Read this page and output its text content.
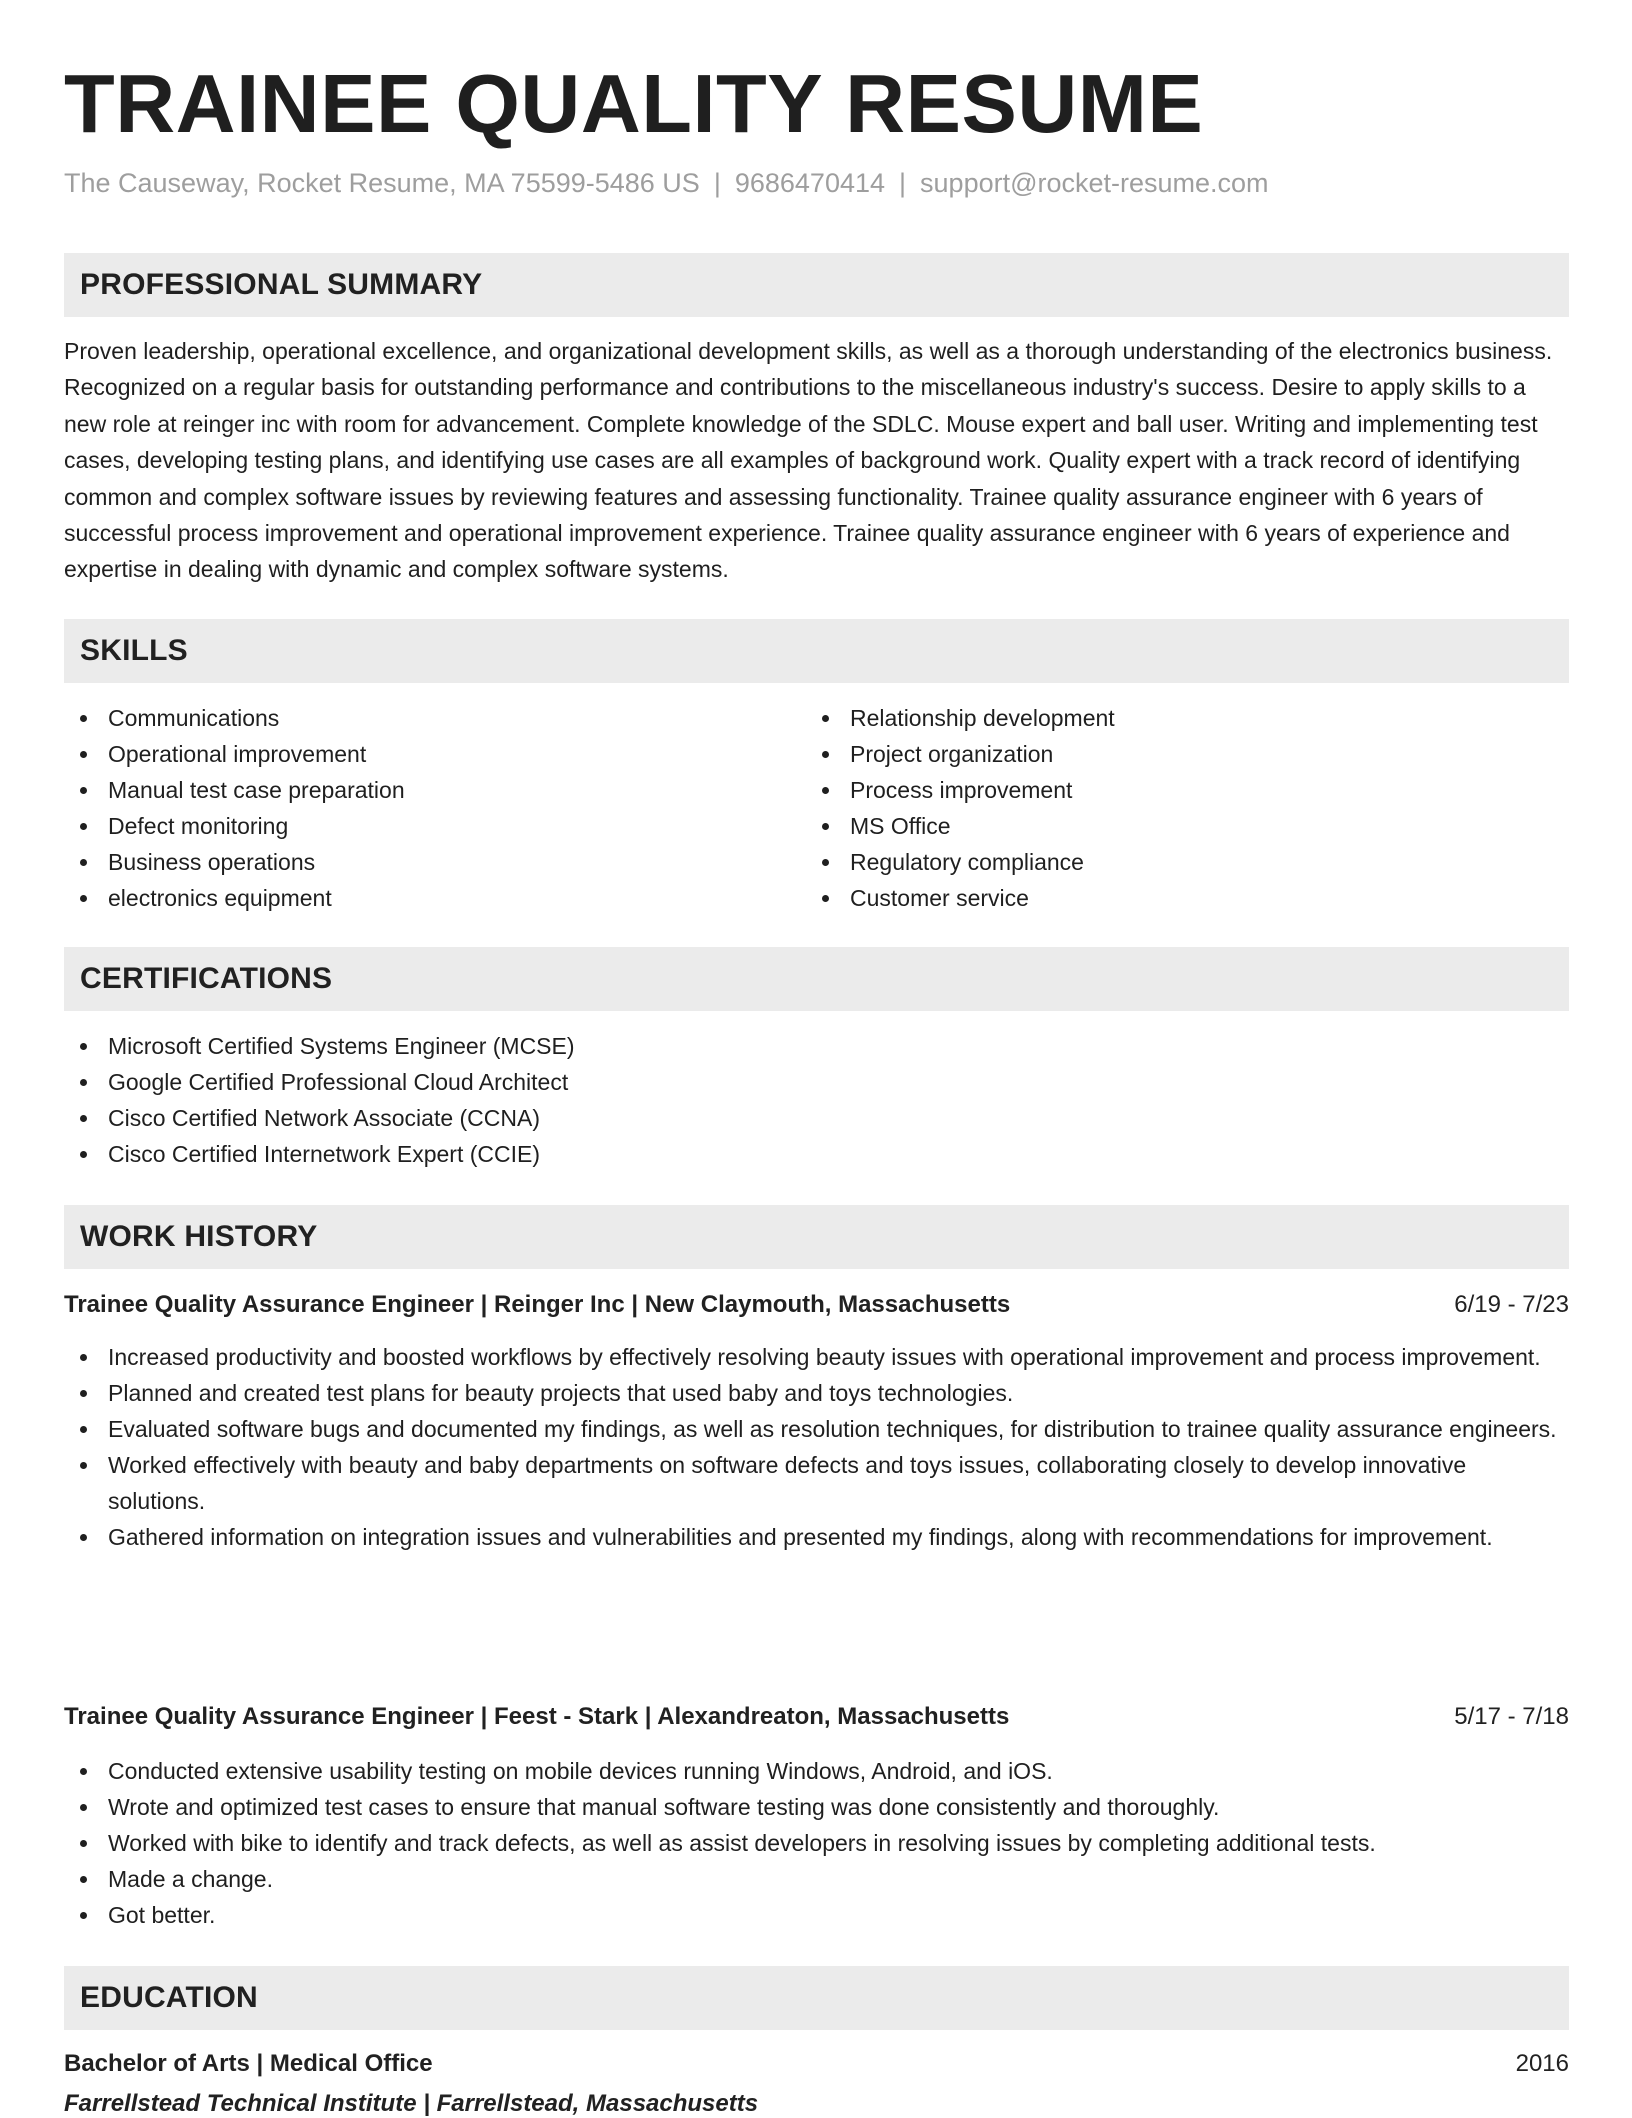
TRAINEE QUALITY RESUME
The Causeway, Rocket Resume, MA 75599-5486 US | 9686470414 | support@rocket-resume.com
PROFESSIONAL SUMMARY
Proven leadership, operational excellence, and organizational development skills, as well as a thorough understanding of the electronics business. Recognized on a regular basis for outstanding performance and contributions to the miscellaneous industry's success. Desire to apply skills to a new role at reinger inc with room for advancement. Complete knowledge of the SDLC. Mouse expert and ball user. Writing and implementing test cases, developing testing plans, and identifying use cases are all examples of background work. Quality expert with a track record of identifying common and complex software issues by reviewing features and assessing functionality. Trainee quality assurance engineer with 6 years of successful process improvement and operational improvement experience. Trainee quality assurance engineer with 6 years of experience and expertise in dealing with dynamic and complex software systems.
SKILLS
Communications
Operational improvement
Manual test case preparation
Defect monitoring
Business operations
electronics equipment
Relationship development
Project organization
Process improvement
MS Office
Regulatory compliance
Customer service
CERTIFICATIONS
Microsoft Certified Systems Engineer (MCSE)
Google Certified Professional Cloud Architect
Cisco Certified Network Associate (CCNA)
Cisco Certified Internetwork Expert (CCIE)
WORK HISTORY
Trainee Quality Assurance Engineer | Reinger Inc | New Claymouth, Massachusetts	6/19 - 7/23
Increased productivity and boosted workflows by effectively resolving beauty issues with operational improvement and process improvement.
Planned and created test plans for beauty projects that used baby and toys technologies.
Evaluated software bugs and documented my findings, as well as resolution techniques, for distribution to trainee quality assurance engineers.
Worked effectively with beauty and baby departments on software defects and toys issues, collaborating closely to develop innovative solutions.
Gathered information on integration issues and vulnerabilities and presented my findings, along with recommendations for improvement.
Trainee Quality Assurance Engineer | Feest - Stark | Alexandreaton, Massachusetts	5/17 - 7/18
Conducted extensive usability testing on mobile devices running Windows, Android, and iOS.
Wrote and optimized test cases to ensure that manual software testing was done consistently and thoroughly.
Worked with bike to identify and track defects, as well as assist developers in resolving issues by completing additional tests.
Made a change.
Got better.
EDUCATION
Bachelor of Arts | Medical Office	2016
Farrellstead Technical Institute | Farrellstead, Massachusetts
